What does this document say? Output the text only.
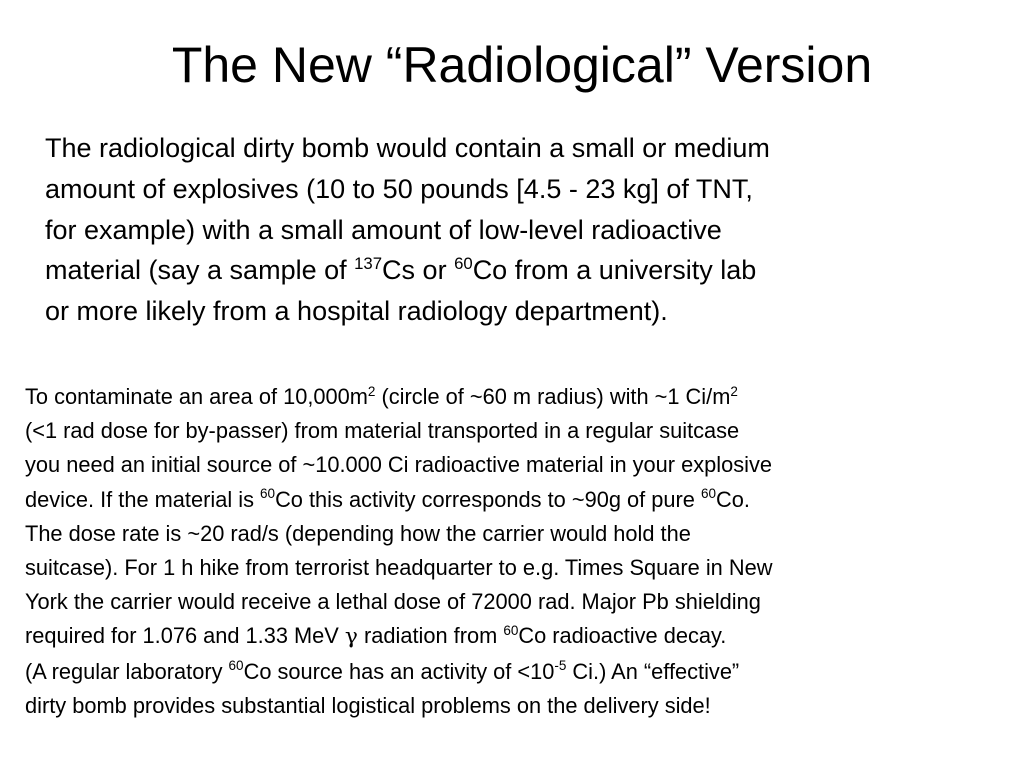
The New “Radiological” Version

The radiological dirty bomb would contain a small or medium
amount of explosives (10 to 50 pounds [4.5 - 23 kg] of TNT,
for example) with a small amount of low-level radioactive
material (say a sample of $^{137}$Cs or $^{60}$Co from a university lab
or more likely from a hospital radiology department).

To contaminate an area of $10,000m^2$ (circle of ~60 m radius) with ~1 $Ci/m^2$
(<1 rad dose for by-passer) from material transported in a regular suitcase
you need an initial source of ~10.000 Ci radioactive material in your explosive
device. If the material is $^{60}$Co this activity corresponds to ~90g of pure $^{60}$Co.
The dose rate is ~20 rad/s (depending how the carrier would hold the
suitcase). For 1 h hike from terrorist headquarter to e.g. Times Square in New
York the carrier would receive a lethal dose of 72000 rad. Major Pb shielding
required for 1.076 and 1.33 MeV γ radiation from $^{60}$Co radioactive decay.
(A regular laboratory $^{60}$Co source has an activity of $<10^{-5}$ Ci.) An “effective”
dirty bomb provides substantial logistical problems on the delivery side!
